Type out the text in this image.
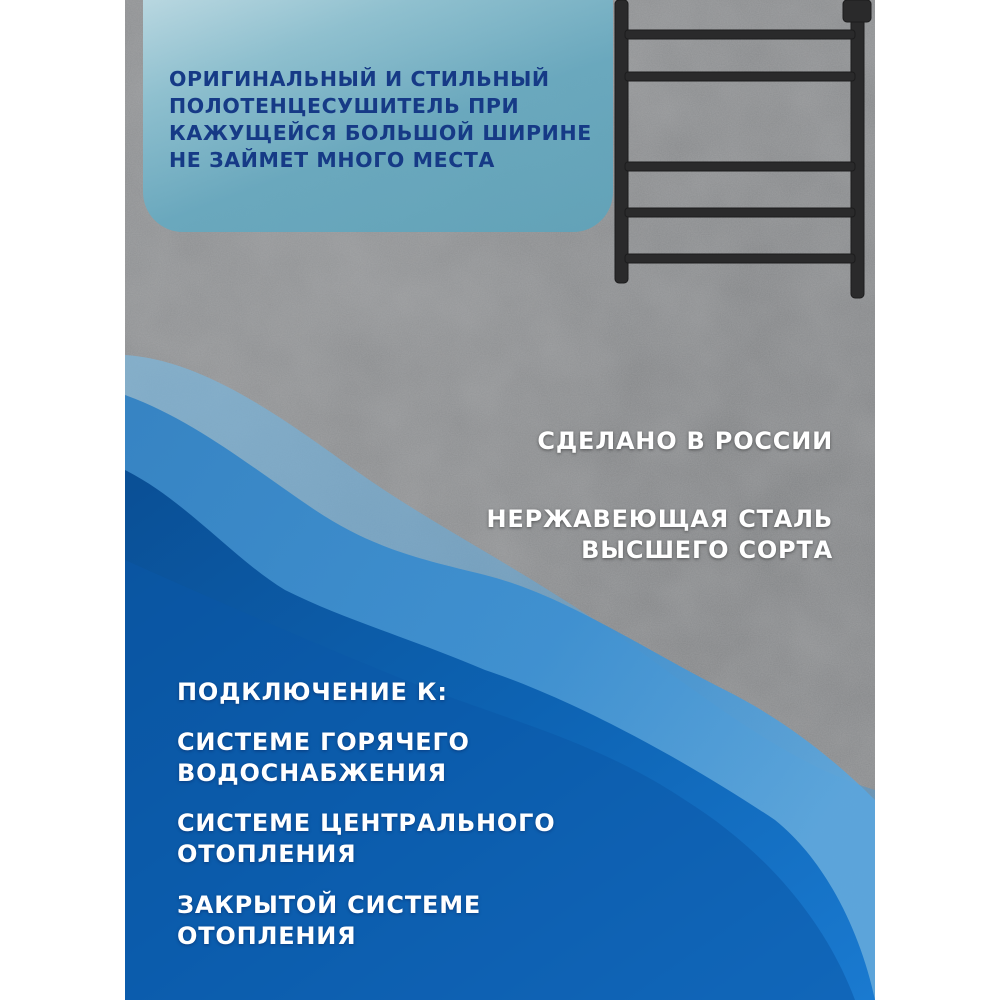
ОРИГИНАЛЬНЫЙ И СТИЛЬНЫЙ ПОЛОТЕНЦЕСУШИТЕЛЬ ПРИ КАЖУЩЕЙСЯ БОЛЬШОЙ ШИРИНЕ НЕ ЗАЙМЕТ МНОГО МЕСТА

СДЕЛАНО В РОССИИ

НЕРЖАВЕЮЩАЯ СТАЛЬ
ВЫСШЕГО СОРТА

ПОДКЛЮЧЕНИЕ К:

СИСТЕМЕ ГОРЯЧЕГО
ВОДОСНАБЖЕНИЯ

СИСТЕМЕ ЦЕНТРАЛЬНОГО
ОТОПЛЕНИЯ

ЗАКРЫТОЙ СИСТЕМЕ
ОТОПЛЕНИЯ
